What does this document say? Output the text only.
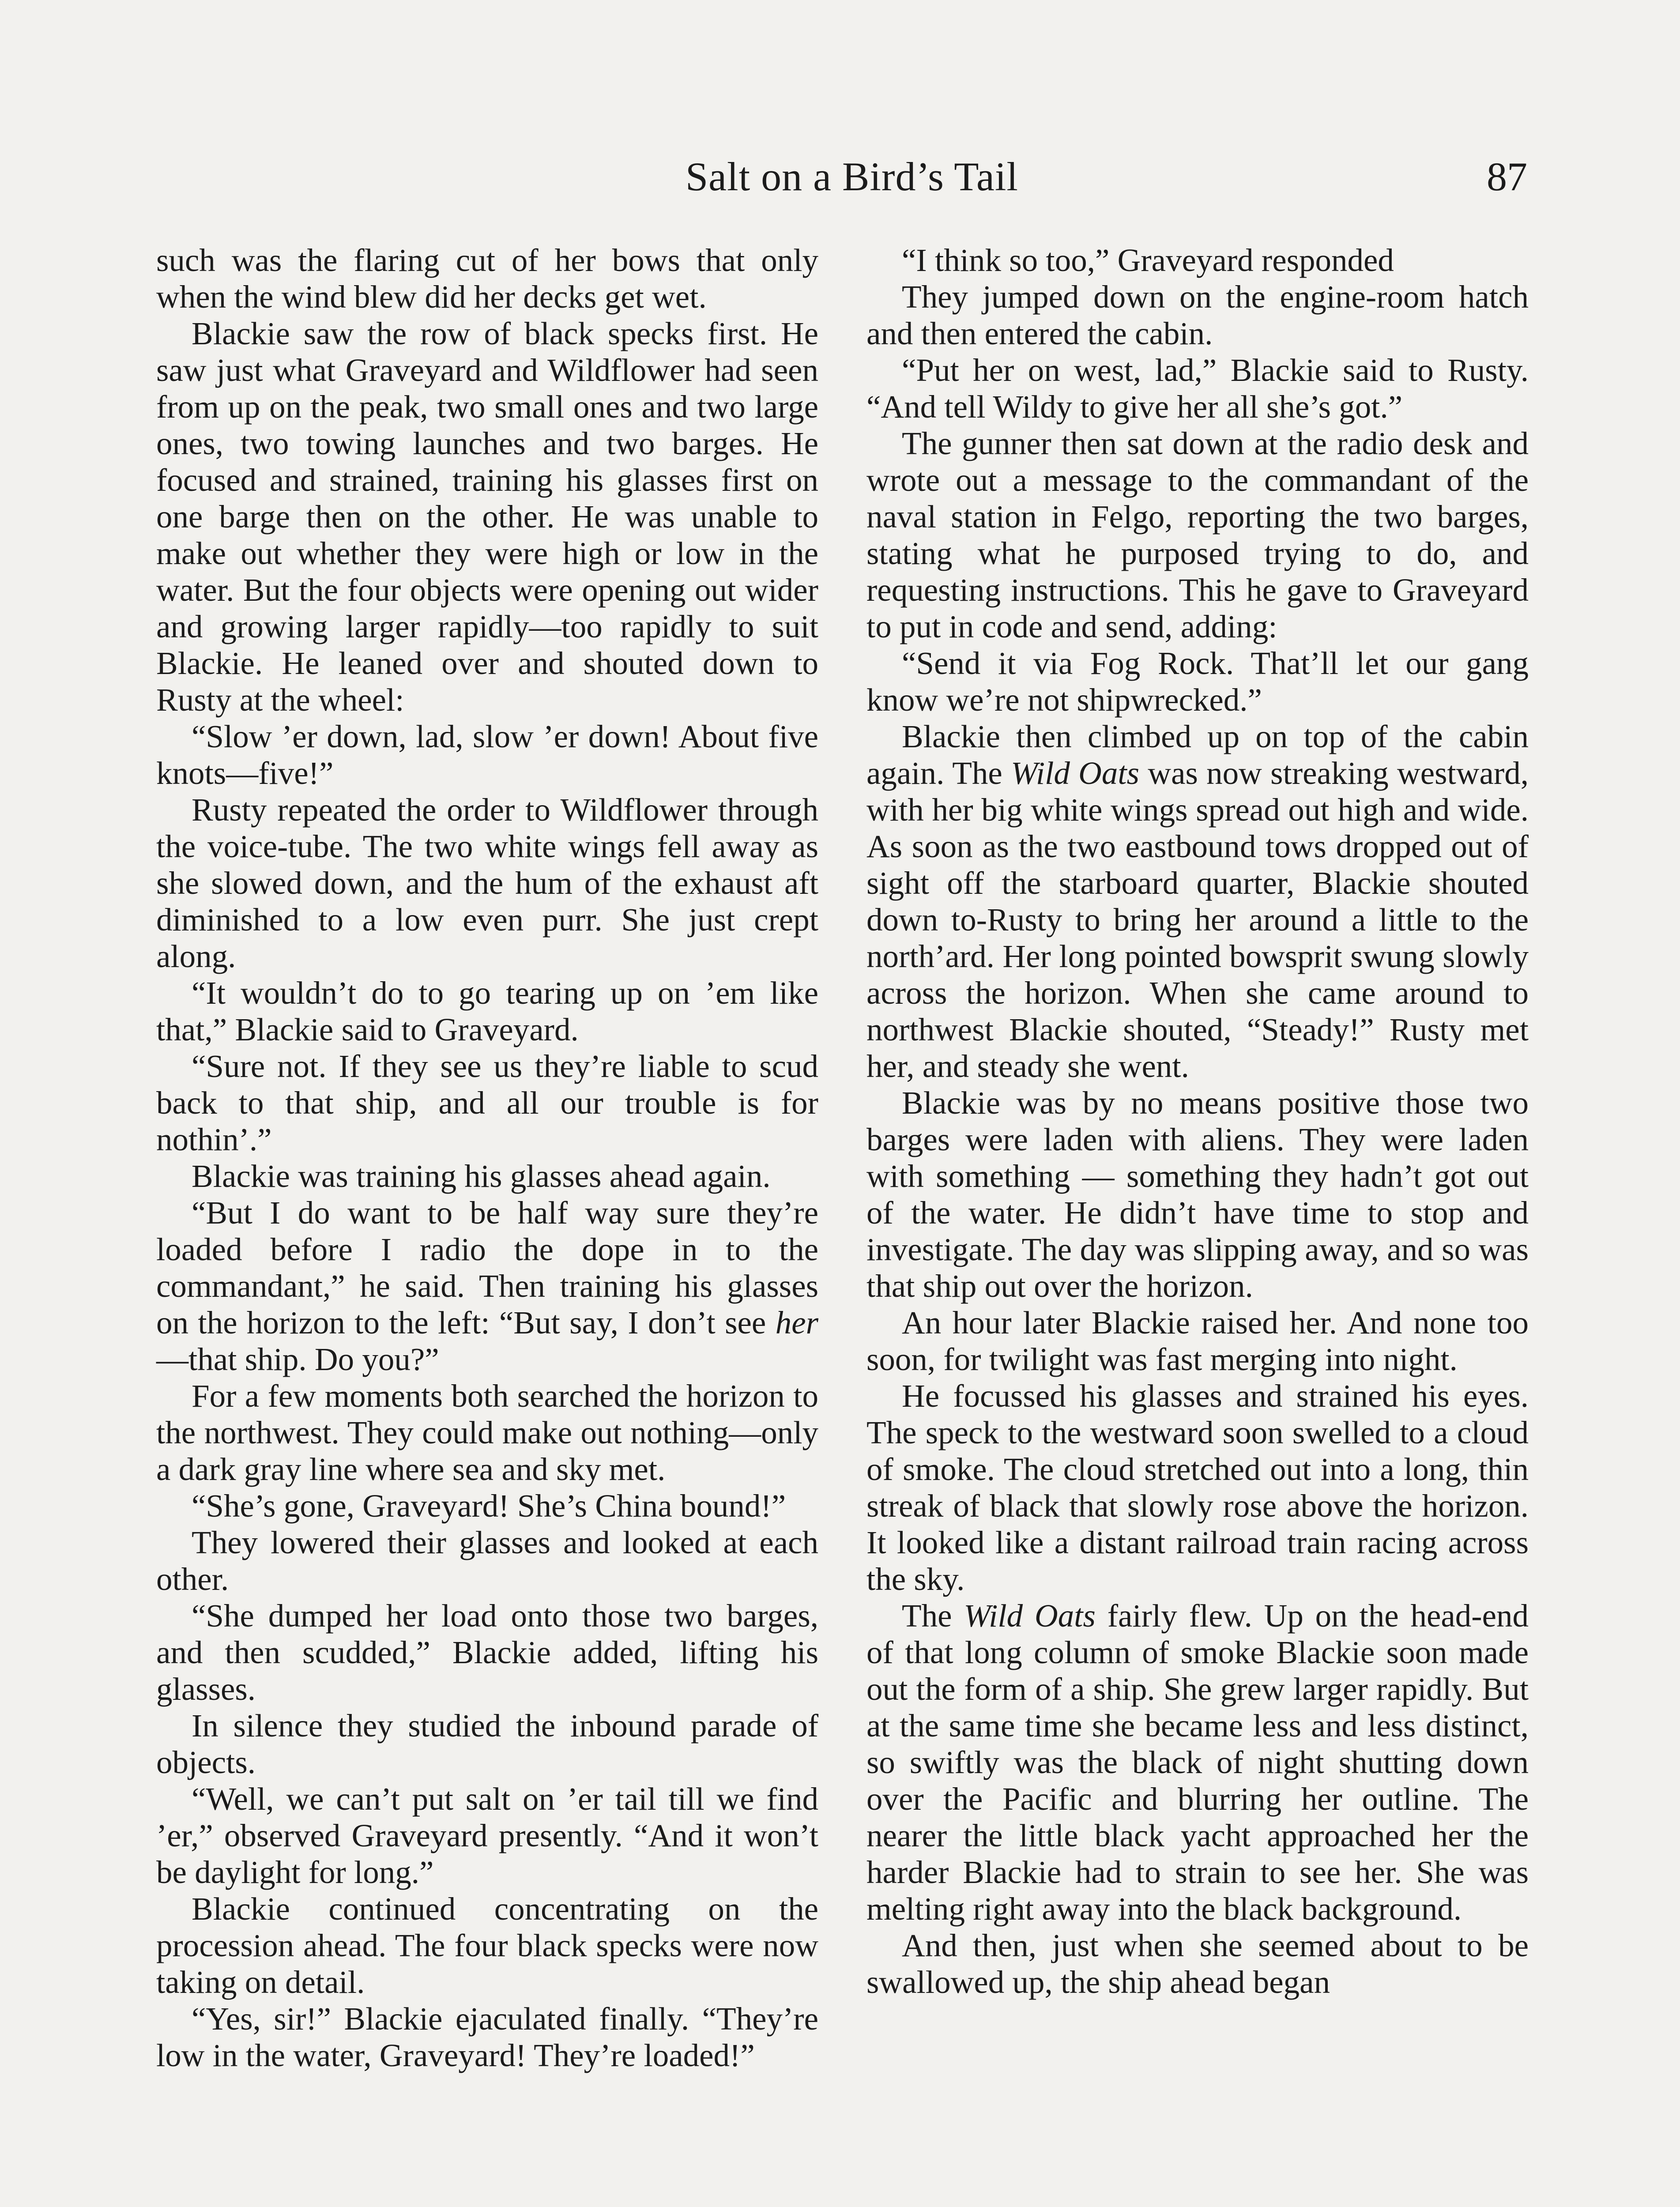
Salt on a Bird’s Tail	87

such was the flaring cut of her bows that only when the wind blew did her decks get wet.

Blackie saw the row of black specks first. He saw just what Graveyard and Wildflower had seen from up on the peak, two small ones and two large ones, two towing launches and two barges. He focused and strained, training his glasses first on one barge then on the other. He was unable to make out whether they were high or low in the water. But the four objects were opening out wider and growing larger rapidly—too rapidly to suit Blackie. He leaned over and shouted down to Rusty at the wheel:

“Slow ’er down, lad, slow ’er down! About five knots—five!”

Rusty repeated the order to Wildflower through the voice-tube. The two white wings fell away as she slowed down, and the hum of the exhaust aft diminished to a low even purr. She just crept along.

“It wouldn’t do to go tearing up on ’em like that,” Blackie said to Graveyard.

“Sure not. If they see us they’re liable to scud back to that ship, and all our trouble is for nothin’.”

Blackie was training his glasses ahead again.

“But I do want to be half way sure they’re loaded before I radio the dope in to the commandant,” he said. Then training his glasses on the horizon to the left: “But say, I don’t see her—that ship. Do you?”

For a few moments both searched the horizon to the northwest. They could make out nothing—only a dark gray line where sea and sky met.

“She’s gone, Graveyard! She’s China bound!”

They lowered their glasses and looked at each other.

“She dumped her load onto those two barges, and then scudded,” Blackie added, lifting his glasses.

In silence they studied the inbound parade of objects.

“Well, we can’t put salt on ’er tail till we find ’er,” observed Graveyard presently. “And it won’t be daylight for long.”

Blackie continued concentrating on the procession ahead. The four black specks were now taking on detail.

“Yes, sir!” Blackie ejaculated finally. “They’re low in the water, Graveyard! They’re loaded!”

“I think so too,” Graveyard responded

They jumped down on the engine-room hatch and then entered the cabin.

“Put her on west, lad,” Blackie said to Rusty. “And tell Wildy to give her all she’s got.”

The gunner then sat down at the radio desk and wrote out a message to the commandant of the naval station in Felgo, reporting the two barges, stating what he purposed trying to do, and requesting instructions. This he gave to Graveyard to put in code and send, adding:

“Send it via Fog Rock. That’ll let our gang know we’re not shipwrecked.”

Blackie then climbed up on top of the cabin again. The Wild Oats was now streaking westward, with her big white wings spread out high and wide. As soon as the two eastbound tows dropped out of sight off the starboard quarter, Blackie shouted down to-Rusty to bring her around a little to the north’ard. Her long pointed bowsprit swung slowly across the horizon. When she came around to northwest Blackie shouted, “Steady!” Rusty met her, and steady she went.

Blackie was by no means positive those two barges were laden with aliens. They were laden with something — something they hadn’t got out of the water. He didn’t have time to stop and investigate. The day was slipping away, and so was that ship out over the horizon.

An hour later Blackie raised her. And none too soon, for twilight was fast merging into night.

He focussed his glasses and strained his eyes. The speck to the westward soon swelled to a cloud of smoke. The cloud stretched out into a long, thin streak of black that slowly rose above the horizon. It looked like a distant railroad train racing across the sky.

The Wild Oats fairly flew. Up on the head-end of that long column of smoke Blackie soon made out the form of a ship. She grew larger rapidly. But at the same time she became less and less distinct, so swiftly was the black of night shutting down over the Pacific and blurring her outline. The nearer the little black yacht approached her the harder Blackie had to strain to see her. She was melting right away into the black background.

And then, just when she seemed about to be swallowed up, the ship ahead began
